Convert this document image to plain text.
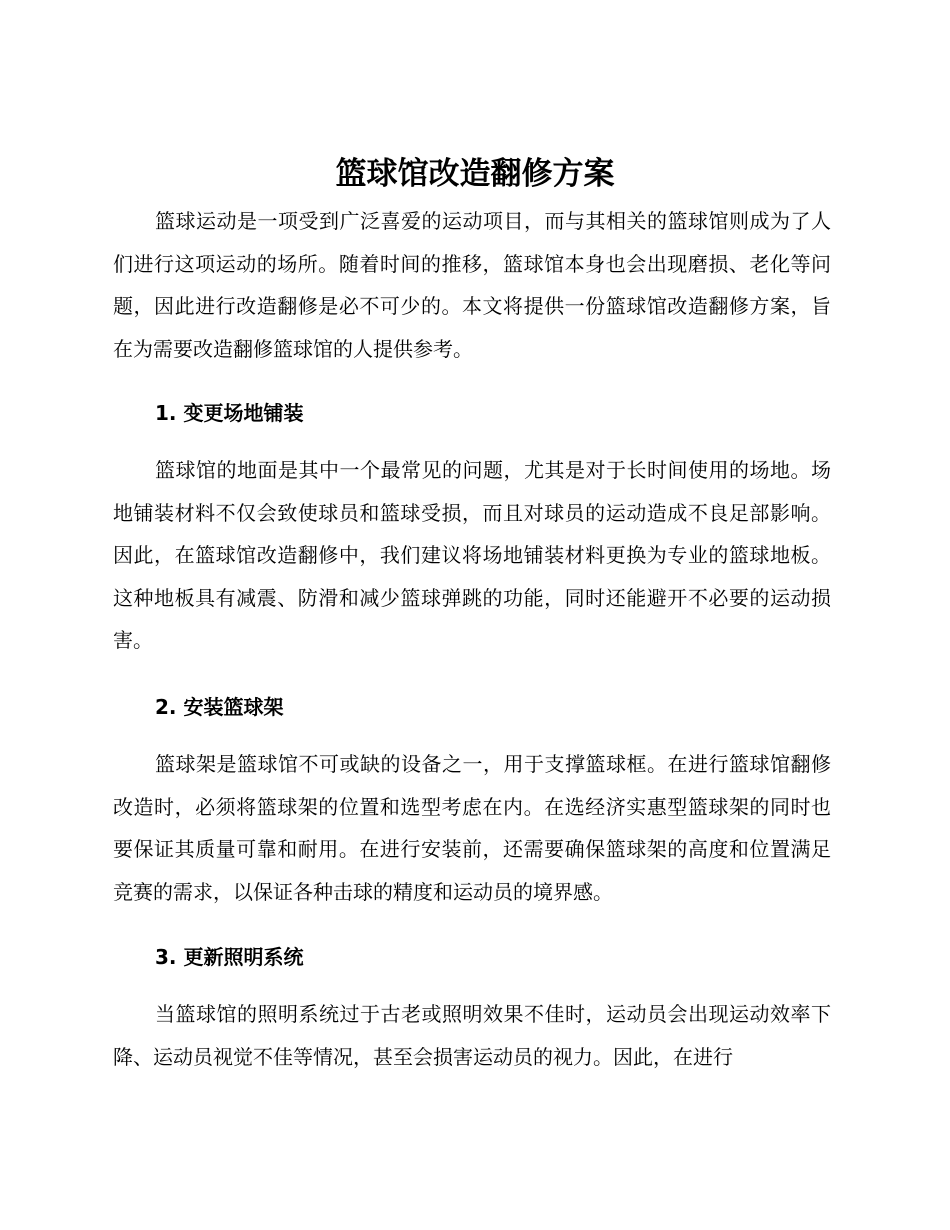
篮球馆改造翻修方案

篮球运动是一项受到广泛喜爱的运动项目，而与其相关的篮球馆则成为了人们进行这项运动的场所。随着时间的推移，篮球馆本身也会出现磨损、老化等问题，因此进行改造翻修是必不可少的。本文将提供一份篮球馆改造翻修方案，旨在为需要改造翻修篮球馆的人提供参考。

1. 变更场地铺装

篮球馆的地面是其中一个最常见的问题，尤其是对于长时间使用的场地。场地铺装材料不仅会致使球员和篮球受损，而且对球员的运动造成不良足部影响。因此，在篮球馆改造翻修中，我们建议将场地铺装材料更换为专业的篮球地板。这种地板具有减震、防滑和减少篮球弹跳的功能，同时还能避开不必要的运动损害。

2. 安装篮球架

篮球架是篮球馆不可或缺的设备之一，用于支撑篮球框。在进行篮球馆翻修改造时，必须将篮球架的位置和选型考虑在内。在选经济实惠型篮球架的同时也要保证其质量可靠和耐用。在进行安装前，还需要确保篮球架的高度和位置满足竞赛的需求，以保证各种击球的精度和运动员的境界感。

3. 更新照明系统

当篮球馆的照明系统过于古老或照明效果不佳时，运动员会出现运动效率下降、运动员视觉不佳等情况，甚至会损害运动员的视力。因此，在进行
